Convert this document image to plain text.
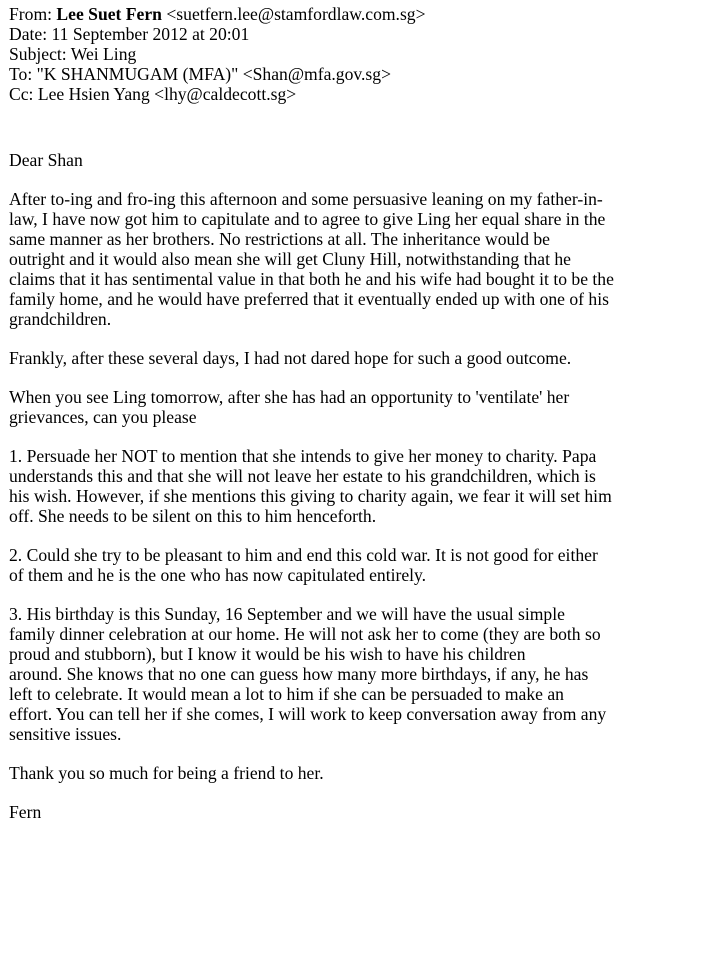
From: Lee Suet Fern <suetfern.lee@stamfordlaw.com.sg>
Date: 11 September 2012 at 20:01
Subject: Wei Ling
To: "K SHANMUGAM (MFA)" <Shan@mfa.gov.sg>
Cc: Lee Hsien Yang <lhy@caldecott.sg>
Dear Shan
After to-ing and fro-ing this afternoon and some persuasive leaning on my father-in-
law, I have now got him to capitulate and to agree to give Ling her equal share in the
same manner as her brothers. No restrictions at all. The inheritance would be
outright and it would also mean she will get Cluny Hill, notwithstanding that he
claims that it has sentimental value in that both he and his wife had bought it to be the
family home, and he would have preferred that it eventually ended up with one of his
grandchildren.
Frankly, after these several days, I had not dared hope for such a good outcome.
When you see Ling tomorrow, after she has had an opportunity to 'ventilate' her
grievances, can you please
1. Persuade her NOT to mention that she intends to give her money to charity. Papa
understands this and that she will not leave her estate to his grandchildren, which is
his wish. However, if she mentions this giving to charity again, we fear it will set him
off. She needs to be silent on this to him henceforth.
2. Could she try to be pleasant to him and end this cold war. It is not good for either
of them and he is the one who has now capitulated entirely.
3. His birthday is this Sunday, 16 September and we will have the usual simple
family dinner celebration at our home. He will not ask her to come (they are both so
proud and stubborn), but I know it would be his wish to have his children
around. She knows that no one can guess how many more birthdays, if any, he has
left to celebrate. It would mean a lot to him if she can be persuaded to make an
effort. You can tell her if she comes, I will work to keep conversation away from any
sensitive issues.
Thank you so much for being a friend to her.
Fern
